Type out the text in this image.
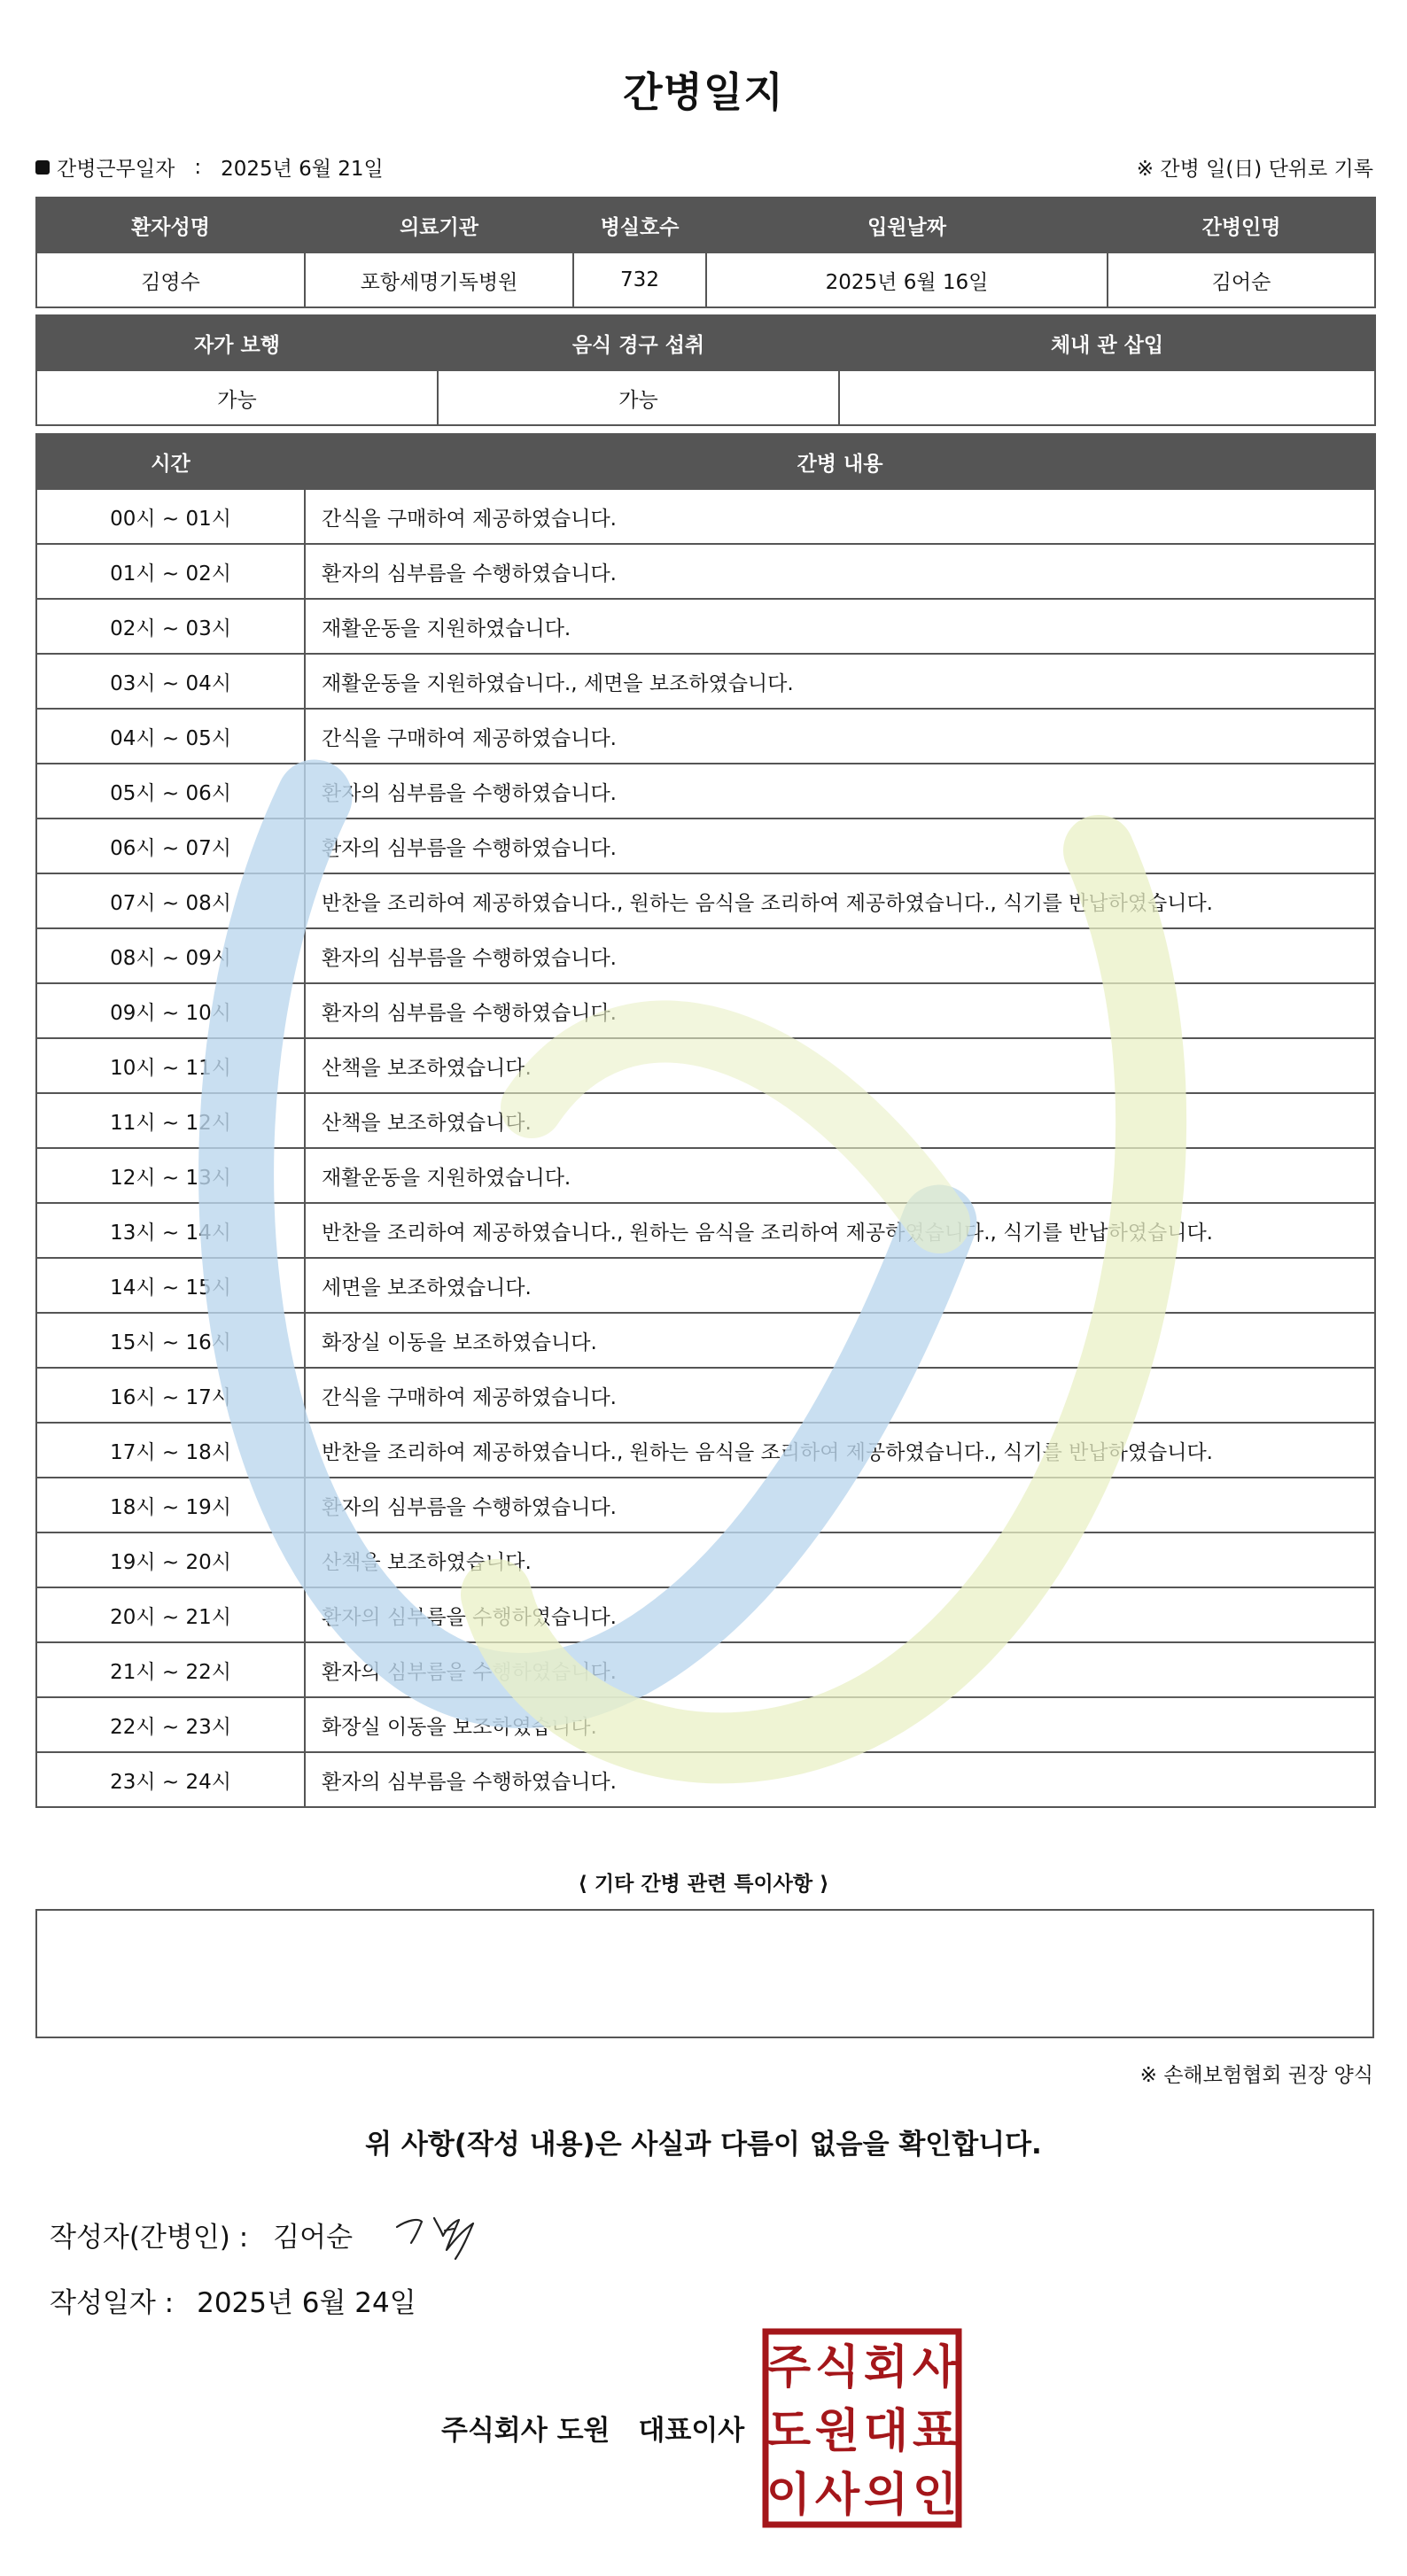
간병일지
간병근무일자 : 2025년 6월 21일	※ 간병 일(日) 단위로 기록
환자성명	의료기관	병실호수	입원날짜	간병인명
김영수	포항세명기독병원	732	2025년 6월 16일	김어순
자가 보행	음식 경구 섭취	체내 관 삽입
가능	가능	
시간	간병 내용
00시 ~ 01시	간식을 구매하여 제공하였습니다.
01시 ~ 02시	환자의 심부름을 수행하였습니다.
02시 ~ 03시	재활운동을 지원하였습니다.
03시 ~ 04시	재활운동을 지원하였습니다., 세면을 보조하였습니다.
04시 ~ 05시	간식을 구매하여 제공하였습니다.
05시 ~ 06시	환자의 심부름을 수행하였습니다.
06시 ~ 07시	환자의 심부름을 수행하였습니다.
07시 ~ 08시	반찬을 조리하여 제공하였습니다., 원하는 음식을 조리하여 제공하였습니다., 식기를 반납하였습니다.
08시 ~ 09시	환자의 심부름을 수행하였습니다.
09시 ~ 10시	환자의 심부름을 수행하였습니다.
10시 ~ 11시	산책을 보조하였습니다.
11시 ~ 12시	산책을 보조하였습니다.
12시 ~ 13시	재활운동을 지원하였습니다.
13시 ~ 14시	반찬을 조리하여 제공하였습니다., 원하는 음식을 조리하여 제공하였습니다., 식기를 반납하였습니다.
14시 ~ 15시	세면을 보조하였습니다.
15시 ~ 16시	화장실 이동을 보조하였습니다.
16시 ~ 17시	간식을 구매하여 제공하였습니다.
17시 ~ 18시	반찬을 조리하여 제공하였습니다., 원하는 음식을 조리하여 제공하였습니다., 식기를 반납하였습니다.
18시 ~ 19시	환자의 심부름을 수행하였습니다.
19시 ~ 20시	산책을 보조하였습니다.
20시 ~ 21시	환자의 심부름을 수행하였습니다.
21시 ~ 22시	환자의 심부름을 수행하였습니다.
22시 ~ 23시	화장실 이동을 보조하였습니다.
23시 ~ 24시	환자의 심부름을 수행하였습니다.
⟨ 기타 간병 관련 특이사항 ⟩
※ 손해보험협회 권장 양식
위 사항(작성 내용)은 사실과 다름이 없음을 확인합니다.
작성자(간병인) : 김어순
작성일자 : 2025년 6월 24일
주식회사 도원 대표이사
주 식 회 사
도 원 대 표
이 사 의 인
